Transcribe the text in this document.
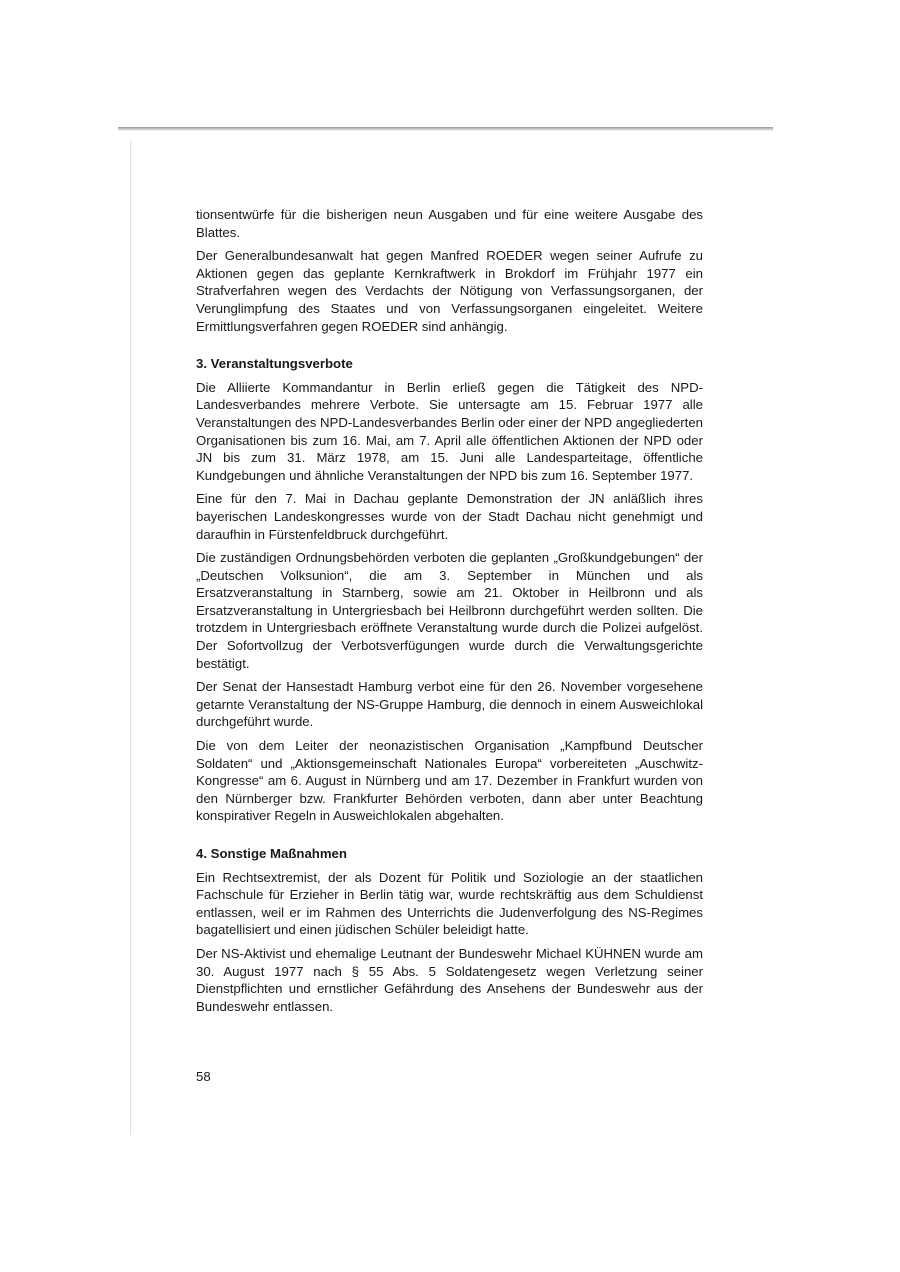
tionsentwürfe für die bisherigen neun Ausgaben und für eine weitere Ausgabe des Blattes.

Der Generalbundesanwalt hat gegen Manfred ROEDER wegen seiner Aufrufe zu Aktionen gegen das geplante Kernkraftwerk in Brokdorf im Frühjahr 1977 ein Strafverfahren wegen des Verdachts der Nötigung von Verfassungsorganen, der Verunglimpfung des Staates und von Verfassungsorganen eingeleitet. Weitere Ermittlungsverfahren gegen ROEDER sind anhängig.

3. Veranstaltungsverbote

Die Alliierte Kommandantur in Berlin erließ gegen die Tätigkeit des NPD-Landesverbandes mehrere Verbote. Sie untersagte am 15. Februar 1977 alle Veranstaltungen des NPD-Landesverbandes Berlin oder einer der NPD angegliederten Organisationen bis zum 16. Mai, am 7. April alle öffentlichen Aktionen der NPD oder JN bis zum 31. März 1978, am 15. Juni alle Landesparteitage, öffentliche Kundgebungen und ähnliche Veranstaltungen der NPD bis zum 16. September 1977.

Eine für den 7. Mai in Dachau geplante Demonstration der JN anläßlich ihres bayerischen Landeskongresses wurde von der Stadt Dachau nicht genehmigt und daraufhin in Fürstenfeldbruck durchgeführt.

Die zuständigen Ordnungsbehörden verboten die geplanten „Großkundgebungen“ der „Deutschen Volksunion“, die am 3. September in München und als Ersatzveranstaltung in Starnberg, sowie am 21. Oktober in Heilbronn und als Ersatzveranstaltung in Untergriesbach bei Heilbronn durchgeführt werden sollten. Die trotzdem in Untergriesbach eröffnete Veranstaltung wurde durch die Polizei aufgelöst. Der Sofortvollzug der Verbotsverfügungen wurde durch die Verwaltungsgerichte bestätigt.

Der Senat der Hansestadt Hamburg verbot eine für den 26. November vorgesehene getarnte Veranstaltung der NS-Gruppe Hamburg, die dennoch in einem Ausweichlokal durchgeführt wurde.

Die von dem Leiter der neonazistischen Organisation „Kampfbund Deutscher Soldaten“ und „Aktionsgemeinschaft Nationales Europa“ vorbereiteten „Auschwitz-Kongresse“ am 6. August in Nürnberg und am 17. Dezember in Frankfurt wurden von den Nürnberger bzw. Frankfurter Behörden verboten, dann aber unter Beachtung konspirativer Regeln in Ausweichlokalen abgehalten.

4. Sonstige Maßnahmen

Ein Rechtsextremist, der als Dozent für Politik und Soziologie an der staatlichen Fachschule für Erzieher in Berlin tätig war, wurde rechtskräftig aus dem Schuldienst entlassen, weil er im Rahmen des Unterrichts die Judenverfolgung des NS-Regimes bagatellisiert und einen jüdischen Schüler beleidigt hatte.

Der NS-Aktivist und ehemalige Leutnant der Bundeswehr Michael KÜHNEN wurde am 30. August 1977 nach § 55 Abs. 5 Soldatengesetz wegen Verletzung seiner Dienstpflichten und ernstlicher Gefährdung des Ansehens der Bundeswehr aus der Bundeswehr entlassen.

58
